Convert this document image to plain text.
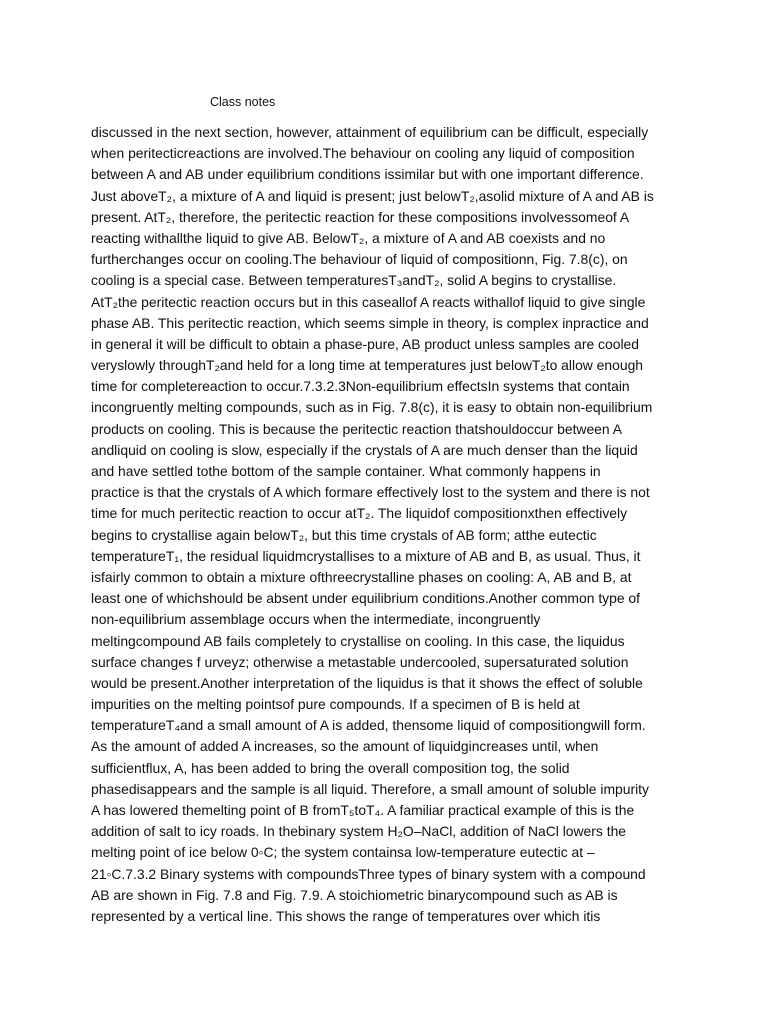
Class notes
discussed in the next section, however, attainment of equilibrium can be difficult, especially
when peritecticreactions are involved.The behaviour on cooling any liquid of composition
between A and AB under equilibrium conditions issimilar but with one important difference.
Just aboveT₂, a mixture of A and liquid is present; just belowT₂,asolid mixture of A and AB is
present. AtT₂, therefore, the peritectic reaction for these compositions involvessomeof A
reacting withallthe liquid to give AB. BelowT₂, a mixture of A and AB coexists and no
furtherchanges occur on cooling.The behaviour of liquid of compositionn, Fig. 7.8(c), on
cooling is a special case. Between temperaturesT₃andT₂, solid A begins to crystallise.
AtT₂the peritectic reaction occurs but in this caseallof A reacts withallof liquid to give single
phase AB. This peritectic reaction, which seems simple in theory, is complex inpractice and
in general it will be difficult to obtain a phase-pure, AB product unless samples are cooled
veryslowly throughT₂and held for a long time at temperatures just belowT₂to allow enough
time for completereaction to occur.7.3.2.3Non-equilibrium effectsIn systems that contain
incongruently melting compounds, such as in Fig. 7.8(c), it is easy to obtain non-equilibrium
products on cooling. This is because the peritectic reaction thatshouldoccur between A
andliquid on cooling is slow, especially if the crystals of A are much denser than the liquid
and have settled tothe bottom of the sample container. What commonly happens in
practice is that the crystals of A which formare effectively lost to the system and there is not
time for much peritectic reaction to occur atT₂. The liquidof compositionxthen effectively
begins to crystallise again belowT₂, but this time crystals of AB form; atthe eutectic
temperatureT₁, the residual liquidmcrystallises to a mixture of AB and B, as usual. Thus, it
isfairly common to obtain a mixture ofthreecrystalline phases on cooling: A, AB and B, at
least one of whichshould be absent under equilibrium conditions.Another common type of
non-equilibrium assemblage occurs when the intermediate, incongruently
meltingcompound AB fails completely to crystallise on cooling. In this case, the liquidus
surface changes f urveyz; otherwise a metastable undercooled, supersaturated solution
would be present.Another interpretation of the liquidus is that it shows the effect of soluble
impurities on the melting pointsof pure compounds. If a specimen of B is held at
temperatureT₄and a small amount of A is added, thensome liquid of compositiongwill form.
As the amount of added A increases, so the amount of liquidgincreases until, when
sufficientflux, A, has been added to bring the overall composition tog, the solid
phasedisappears and the sample is all liquid. Therefore, a small amount of soluble impurity
A has lowered themelting point of B fromT₅toT₄. A familiar practical example of this is the
addition of salt to icy roads. In thebinary system H₂O–NaCl, addition of NaCl lowers the
melting point of ice below 0◦C; the system containsa low-temperature eutectic at –
21◦C.7.3.2 Binary systems with compoundsThree types of binary system with a compound
AB are shown in Fig. 7.8 and Fig. 7.9. A stoichiometric binarycompound such as AB is
represented by a vertical line. This shows the range of temperatures over which itis
